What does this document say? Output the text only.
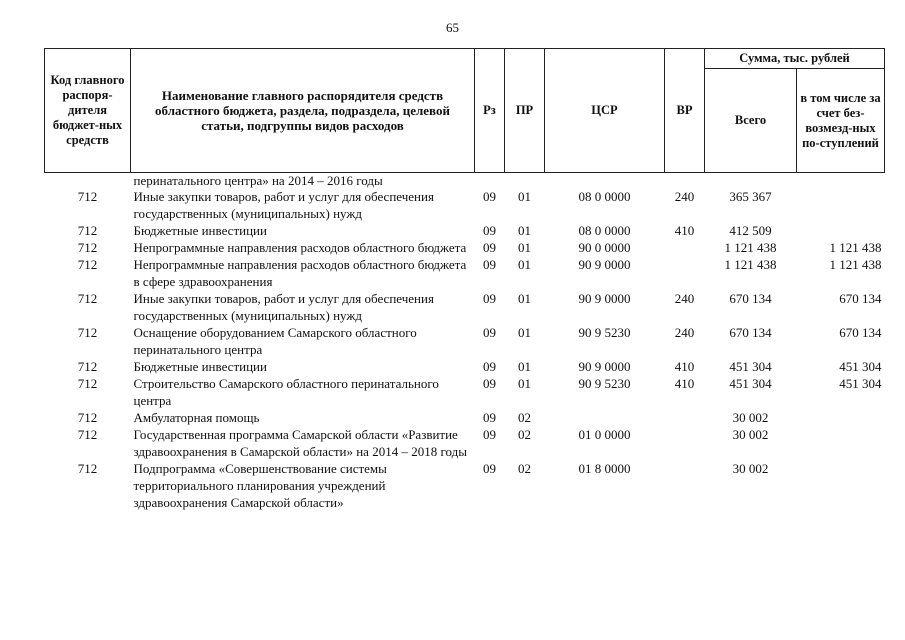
65
Код главного распоря-дителя бюджет-ных средств	Наименование главного распорядителя средств областного бюджета, раздела, подраздела, целевой статьи, подгруппы видов расходов	Рз	ПР	ЦСР	ВР	Сумма, тыс. рублей	
						Всего	в том числе за счет без-возмезд-ных по-ступлений
	перинатального центра» на 2014 – 2016 годы						
712	Иные закупки товаров, работ и услуг для обеспечения государственных (муниципальных) нужд	09	01	08 0 0000	240	365 367	
712	Бюджетные инвестиции	09	01	08 0 0000	410	412 509	
712	Непрограммные направления расходов областного бюджета	09	01	90 0 0000		1 121 438	1 121 438
712	Непрограммные направления расходов областного бюджета в сфере здравоохранения	09	01	90 9 0000		1 121 438	1 121 438
712	Иные закупки товаров, работ и услуг для обеспечения государственных (муниципальных) нужд	09	01	90 9 0000	240	670 134	670 134
712	Оснащение оборудованием Самарского областного перинатального центра	09	01	90 9 5230	240	670 134	670 134
712	Бюджетные инвестиции	09	01	90 9 0000	410	451 304	451 304
712	Строительство Самарского областного перинатального центра	09	01	90 9 5230	410	451 304	451 304
712	Амбулаторная помощь	09	02			30 002	
712	Государственная программа Самарской области «Развитие здравоохранения в Самарской области» на 2014 – 2018 годы	09	02	01 0 0000		30 002	
712	Подпрограмма «Совершенствование системы территориального планирования учреждений здравоохранения Самарской области»	09	02	01 8 0000		30 002	
